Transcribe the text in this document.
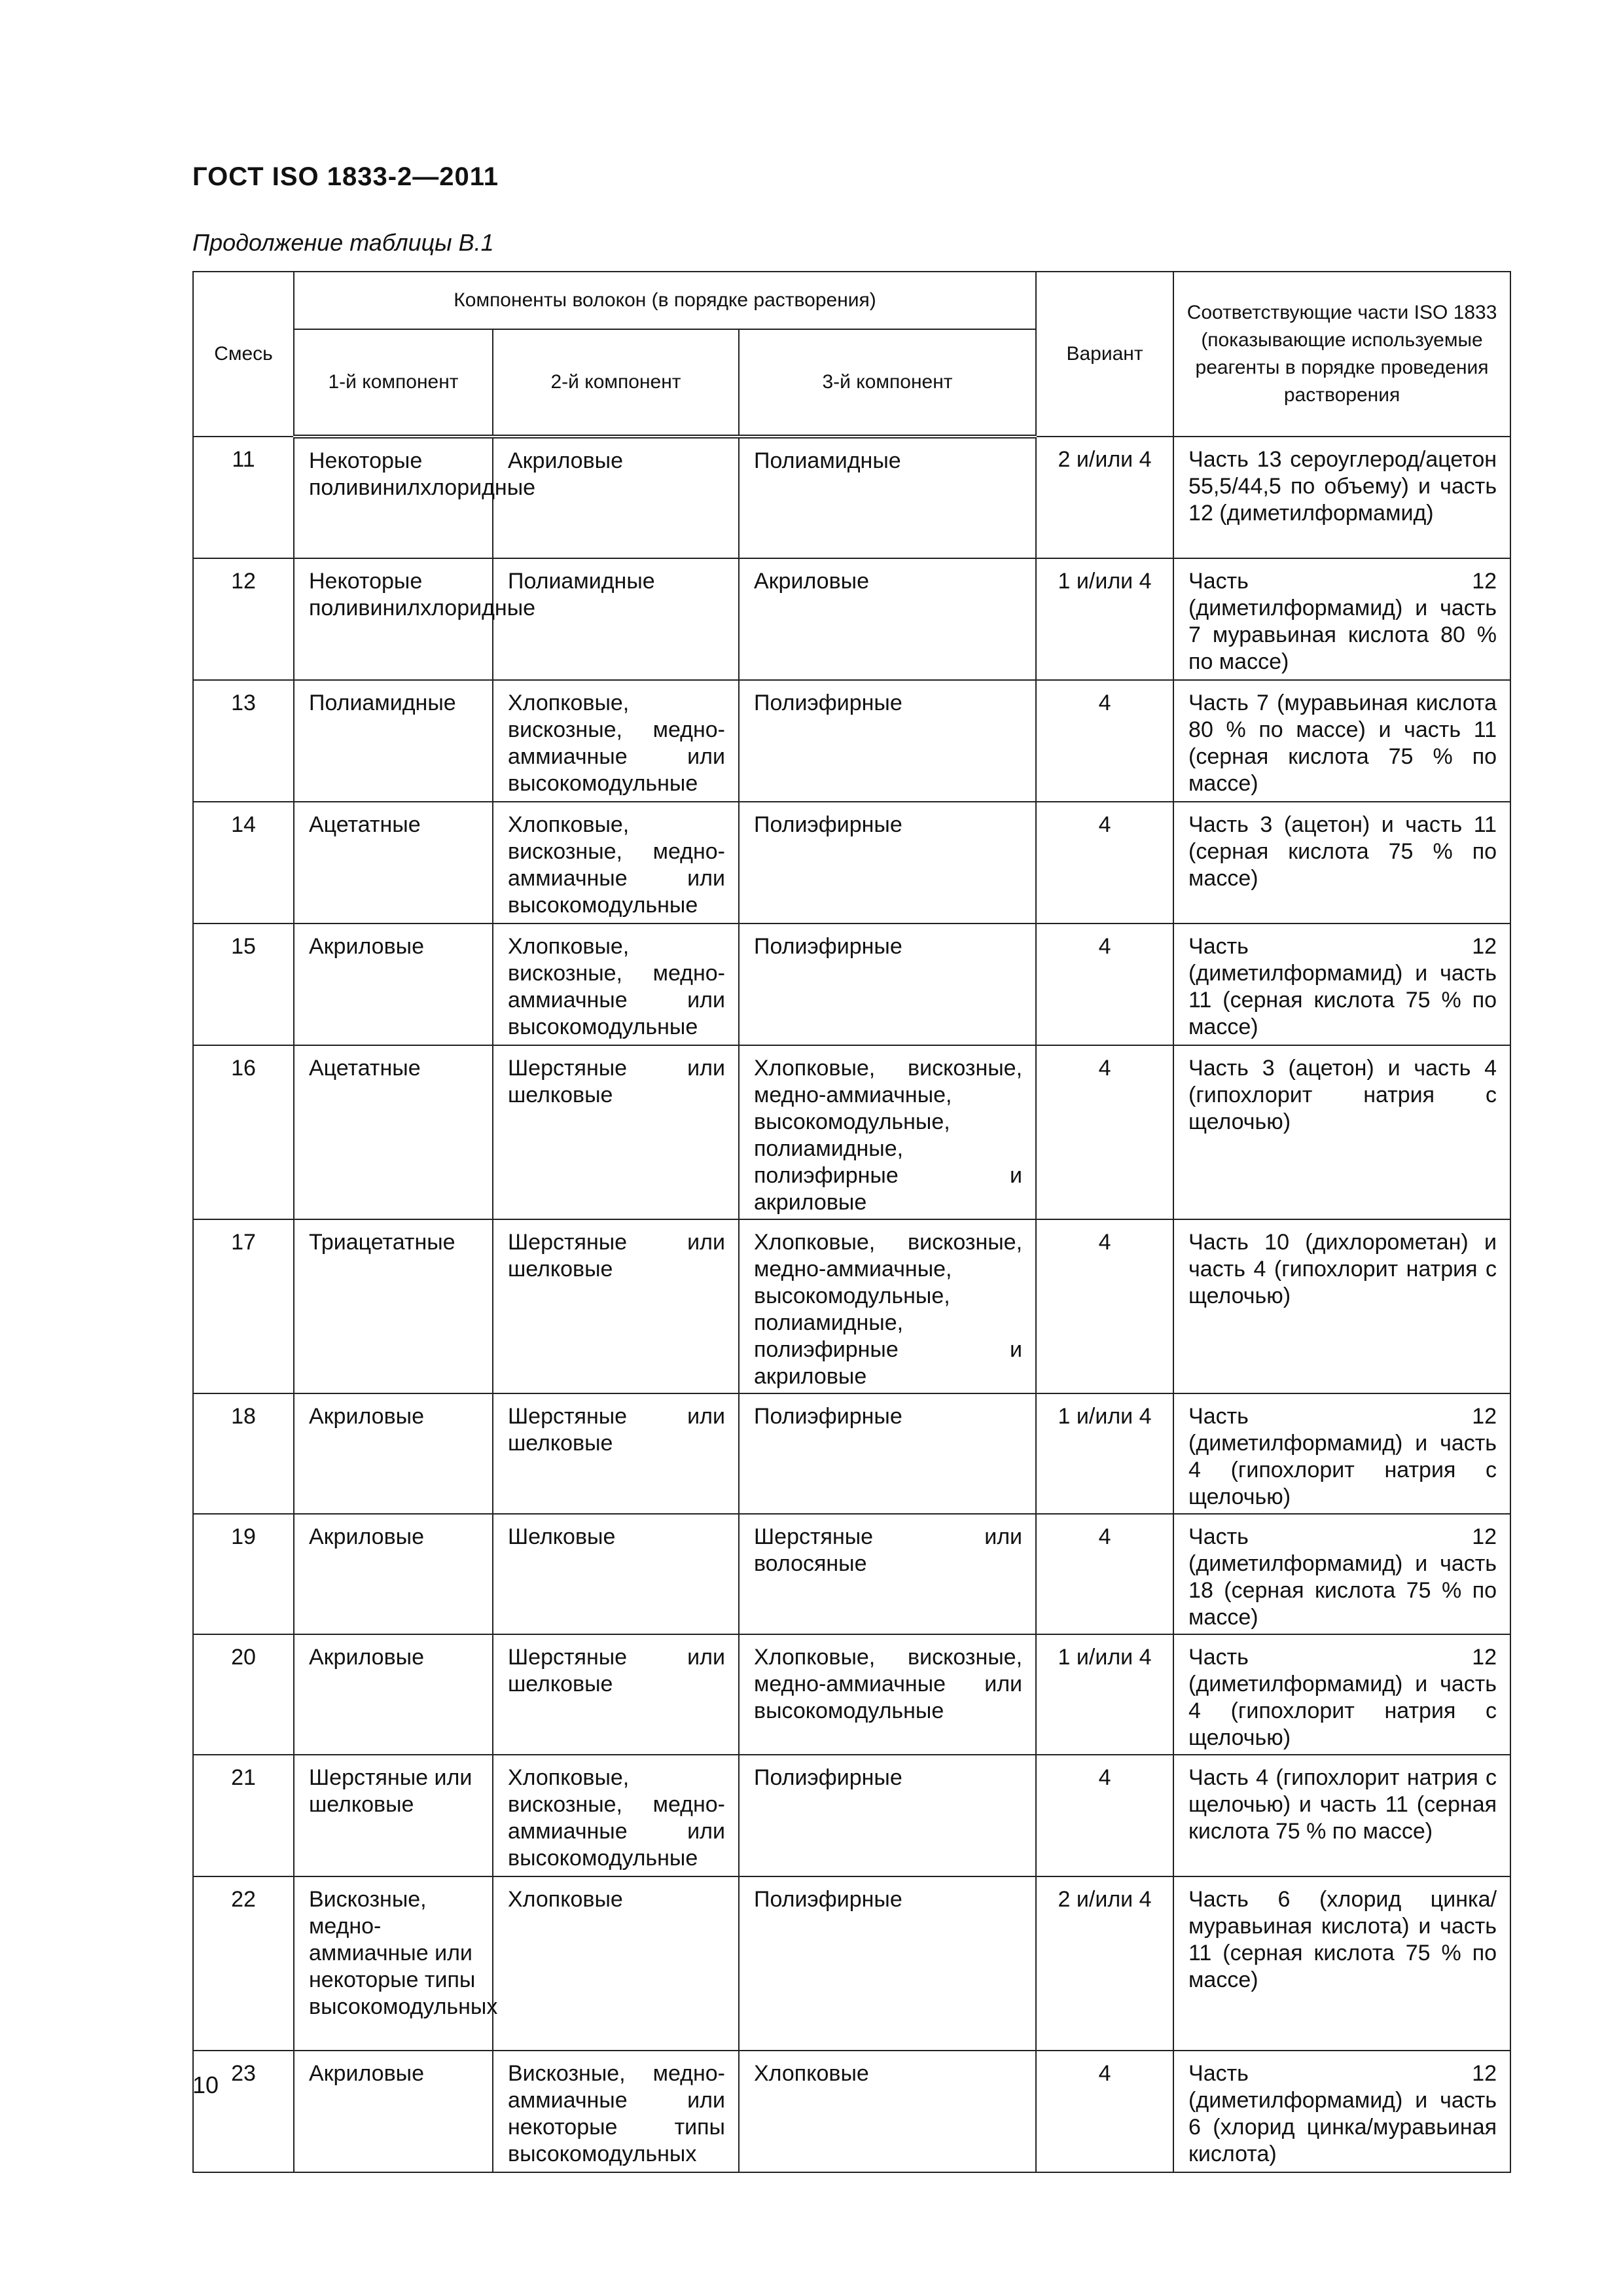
ГОСТ ISO 1833-2—2011
Продолжение таблицы В.1
Смесь	Компоненты волокон (в порядке растворения)			Вариант	Соответствующие части ISO 1833 (показывающие используемые реагенты в порядке проведения растворения
	1-й компонент	2-й компонент	3-й компонент		
11	Некоторые поливинилхлоридные	Акриловые	Полиамидные	2 и/или 4	Часть 13 сероуглерод/ацетон 55,5/44,5 по объему) и часть 12 (диметилформамид)
12	Некоторые поливинилхлоридные	Полиамидные	Акриловые	1 и/или 4	Часть 12 (диметилформамид) и часть 7 муравьиная кислота 80 % по массе)
13	Полиамидные	Хлопковые, вискозные, медно-аммиачные или высокомодульные	Полиэфирные	4	Часть 7 (муравьиная кислота 80 % по массе) и часть 11 (серная кислота 75 % по массе)
14	Ацетатные	Хлопковые, вискозные, медно-аммиачные или высокомодульные	Полиэфирные	4	Часть 3 (ацетон) и часть 11 (серная кислота 75 % по массе)
15	Акриловые	Хлопковые, вискозные, медно-аммиачные или высокомодульные	Полиэфирные	4	Часть 12 (диметилформамид) и часть 11 (серная кислота 75 % по массе)
16	Ацетатные	Шерстяные или шелковые	Хлопковые, вискозные, медно-аммиачные, высокомодульные, полиамидные, полиэфирные и акриловые	4	Часть 3 (ацетон) и часть 4 (гипохлорит натрия с щелочью)
17	Триацетатные	Шерстяные или шелковые	Хлопковые, вискозные, медно-аммиачные, высокомодульные, полиамидные, полиэфирные и акриловые	4	Часть 10 (дихлорометан) и часть 4 (гипохлорит натрия с щелочью)
18	Акриловые	Шерстяные или шелковые	Полиэфирные	1 и/или 4	Часть 12 (диметилформамид) и часть 4 (гипохлорит натрия с щелочью)
19	Акриловые	Шелковые	Шерстяные или волосяные	4	Часть 12 (диметилформамид) и часть 18 (серная кислота 75 % по массе)
20	Акриловые	Шерстяные или шелковые	Хлопковые, вискозные, медно-аммиачные или высокомодульные	1 и/или 4	Часть 12 (диметилформамид) и часть 4 (гипохлорит натрия с щелочью)
21	Шерстяные или шелковые	Хлопковые, вискозные, медно-аммиачные или высокомодульные	Полиэфирные	4	Часть 4 (гипохлорит натрия с щелочью) и часть 11 (серная кислота 75 % по массе)
22	Вискозные, медно-аммиачные или некоторые типы высокомодульных	Хлопковые	Полиэфирные	2 и/или 4	Часть 6 (хлорид цинка/муравьиная кислота) и часть 11 (серная кислота 75 % по массе)
23	Акриловые	Вискозные, медно-аммиачные или некоторые типы высокомодульных	Хлопковые	4	Часть 12 (диметилформамид) и часть 6 (хлорид цинка/муравьиная кислота)
10
